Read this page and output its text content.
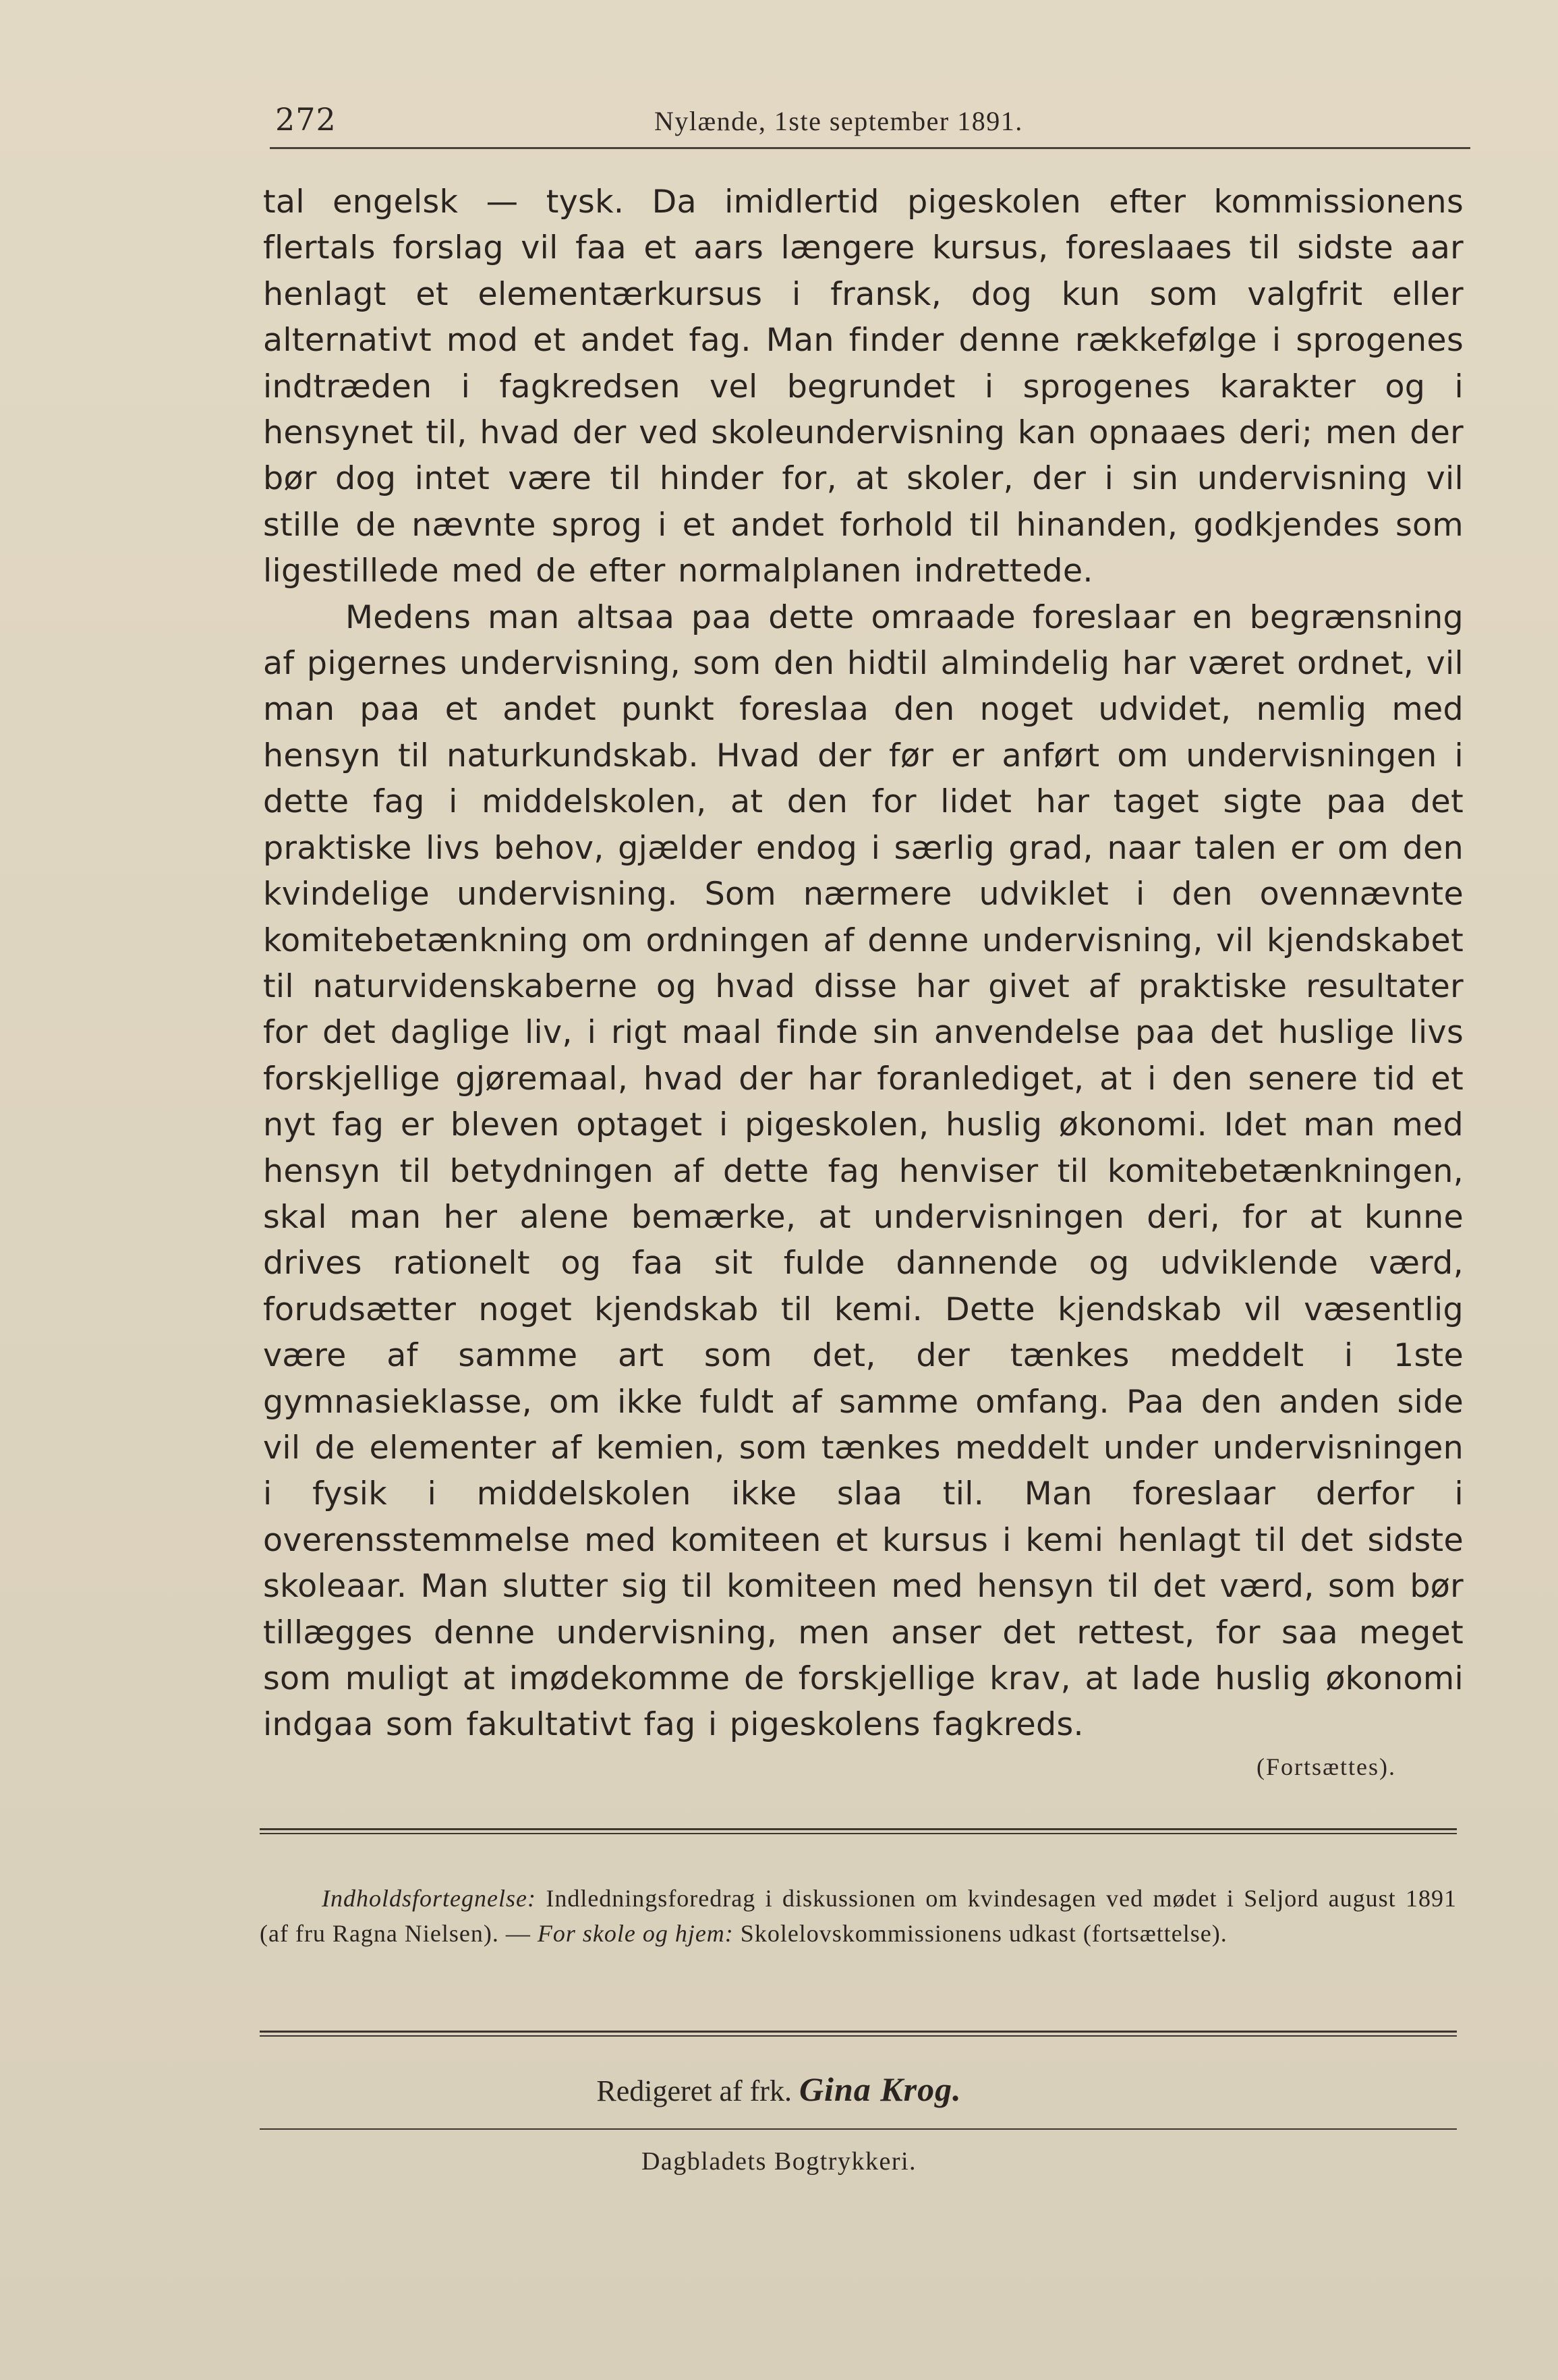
272	Nylænde, 1ste september 1891.

tal engelsk — tysk. Da imidlertid pigeskolen efter kommissionens flertals forslag vil faa et aars længere kursus, foreslaaes til sidste aar henlagt et elementærkursus i fransk, dog kun som valgfrit eller alternativt mod et andet fag. Man finder denne rækkefølge i sprogenes indtræden i fagkredsen vel begrundet i sprogenes karakter og i hensynet til, hvad der ved skoleundervisning kan opnaaes deri; men der bør dog intet være til hinder for, at skoler, der i sin undervisning vil stille de nævnte sprog i et andet forhold til hinanden, godkjendes som ligestillede med de efter normalplanen indrettede.

Medens man altsaa paa dette omraade foreslaar en begrænsning af pigernes undervisning, som den hidtil almindelig har været ordnet, vil man paa et andet punkt foreslaa den noget udvidet, nemlig med hensyn til naturkundskab. Hvad der før er anført om undervisningen i dette fag i middelskolen, at den for lidet har taget sigte paa det praktiske livs behov, gjælder endog i særlig grad, naar talen er om den kvindelige undervisning. Som nærmere udviklet i den ovennævnte komitebetænkning om ordningen af denne undervisning, vil kjendskabet til naturvidenskaberne og hvad disse har givet af praktiske resultater for det daglige liv, i rigt maal finde sin anvendelse paa det huslige livs forskjellige gjøremaal, hvad der har foranlediget, at i den senere tid et nyt fag er bleven optaget i pigeskolen, huslig økonomi. Idet man med hensyn til betydningen af dette fag henviser til komitebetænkningen, skal man her alene bemærke, at undervisningen deri, for at kunne drives rationelt og faa sit fulde dannende og udviklende værd, forudsætter noget kjendskab til kemi. Dette kjendskab vil væsentlig være af samme art som det, der tænkes meddelt i 1ste gymnasieklasse, om ikke fuldt af samme omfang. Paa den anden side vil de elementer af kemien, som tænkes meddelt under undervisningen i fysik i middelskolen ikke slaa til. Man foreslaar derfor i overensstemmelse med komiteen et kursus i kemi henlagt til det sidste skoleaar. Man slutter sig til komiteen med hensyn til det værd, som bør tillægges denne undervisning, men anser det rettest, for saa meget som muligt at imødekomme de forskjellige krav, at lade huslig økonomi indgaa som fakultativt fag i pigeskolens fagkreds.

(Fortsættes).
Indholdsfortegnelse: Indledningsforedrag i diskussionen om kvindesagen ved mødet i Seljord august 1891 (af fru Ragna Nielsen). — For skole og hjem: Skolelovskommissionens udkast (fortsættelse).
Redigeret af frk. Gina Krog.
Dagbladets Bogtrykkeri.
